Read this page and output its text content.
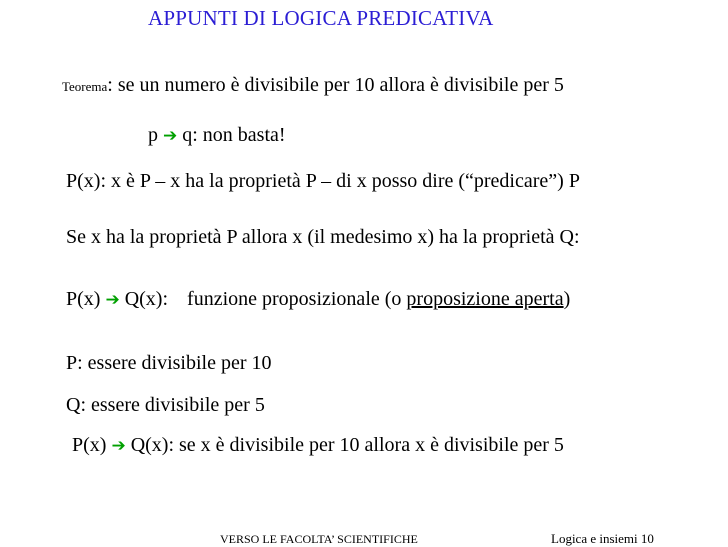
APPUNTI DI LOGICA PREDICATIVA
Teorema: se un numero è divisibile per 10 allora è divisibile per 5
p ➔ q: non basta!
P(x): x è P – x ha la proprietà P – di x posso dire (“predicare”) P
Se x ha la proprietà P allora x (il medesimo x) ha la proprietà Q:
P(x) ➔ Q(x): funzione proposizionale (o proposizione aperta)
P: essere divisibile per 10
Q: essere divisibile per 5
P(x) ➔ Q(x): se x è divisibile per 10 allora x è divisibile per 5
VERSO LE FACOLTA’ SCIENTIFICHE	Logica e insiemi 10
